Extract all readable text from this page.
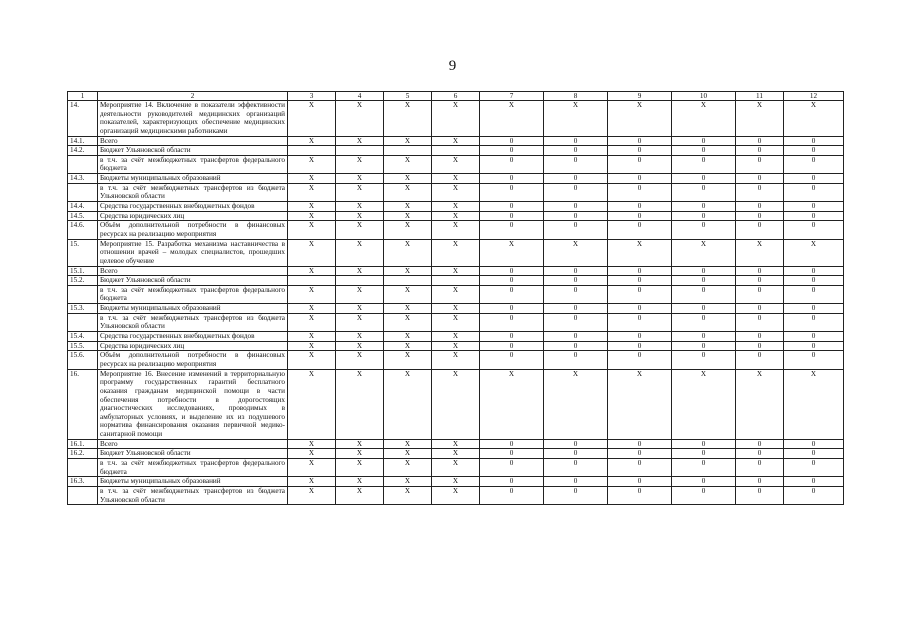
9
1	2	3	4	5	6	7	8	9	10	11	12
14.	Мероприятие 14. Включение в показатели эффективности деятельности руководителей медицинских организаций показателей, характеризующих обеспечение медицинских организаций медицинскими работниками	X	X	X	X	X	X	X	X	X	X
14.1.	Всего	X	X	X	X	0	0	0	0	0	0
14.2.	Бюджет Ульяновской области					0	0	0	0	0	0
	в т.ч. за счёт межбюджетных трансфертов федерального бюджета	X	X	X	X	0	0	0	0	0	0
14.3.	Бюджеты муниципальных образований	X	X	X	X	0	0	0	0	0	0
	в т.ч. за счёт межбюджетных трансфертов из бюджета Ульяновской области	X	X	X	X	0	0	0	0	0	0
14.4.	Средства государственных внебюджетных фондов	X	X	X	X	0	0	0	0	0	0
14.5.	Средства юридических лиц	X	X	X	X	0	0	0	0	0	0
14.6.	Объём дополнительной потребности в финансовых ресурсах на реализацию мероприятия	X	X	X	X	0	0	0	0	0	0
15.	Мероприятие 15. Разработка механизма наставничества в отношении врачей – молодых специалистов, прошедших целевое обучение	X	X	X	X	X	X	X	X	X	X
15.1.	Всего	X	X	X	X	0	0	0	0	0	0
15.2.	Бюджет Ульяновской области					0	0	0	0	0	0
	в т.ч. за счёт межбюджетных трансфертов федерального бюджета	X	X	X	X	0	0	0	0	0	0
15.3.	Бюджеты муниципальных образований	X	X	X	X	0	0	0	0	0	0
	в т.ч. за счёт межбюджетных трансфертов из бюджета Ульяновской области	X	X	X	X	0	0	0	0	0	0
15.4.	Средства государственных внебюджетных фондов	X	X	X	X	0	0	0	0	0	0
15.5.	Средства юридических лиц	X	X	X	X	0	0	0	0	0	0
15.6.	Объём дополнительной потребности в финансовых ресурсах на реализацию мероприятия	X	X	X	X	0	0	0	0	0	0
16.	Мероприятие 16. Внесение изменений в территориальную программу государственных гарантий бесплатного оказания гражданам медицинской помощи в части обеспечения потребности в дорогостоящих диагностических исследованиях, проводимых в амбулаторных условиях, и выделение их из подушевого норматива финансирования оказания первичной медико-санитарной помощи	X	X	X	X	X	X	X	X	X	X
16.1.	Всего	X	X	X	X	0	0	0	0	0	0
16.2.	Бюджет Ульяновской области	X	X	X	X	0	0	0	0	0	0
	в т.ч. за счёт межбюджетных трансфертов федерального бюджета	X	X	X	X	0	0	0	0	0	0
16.3.	Бюджеты муниципальных образований	X	X	X	X	0	0	0	0	0	0
	в т.ч. за счёт межбюджетных трансфертов из бюджета Ульяновской области	X	X	X	X	0	0	0	0	0	0
